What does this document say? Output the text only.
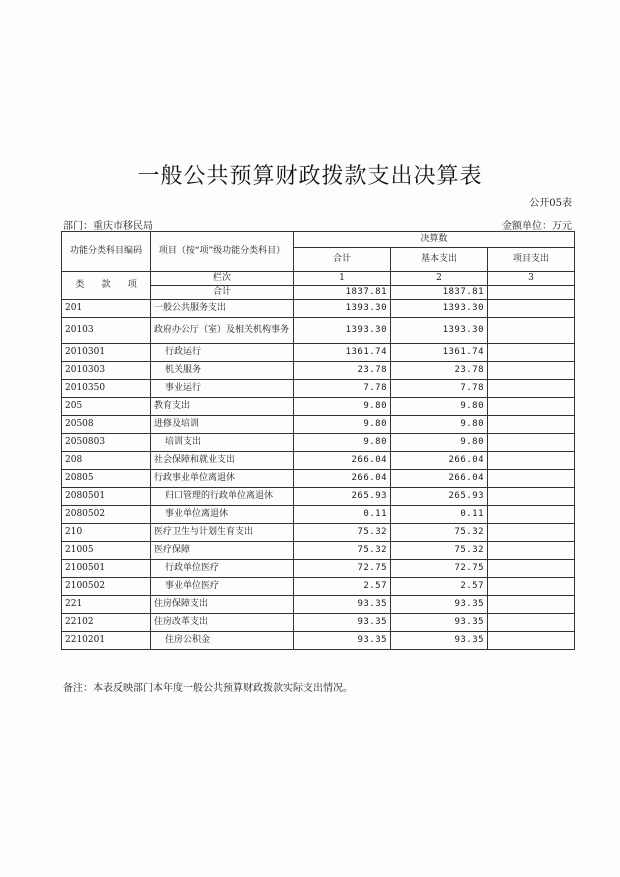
一般公共预算财政拨款支出决算表
公开05表
部门：重庆市移民局	金额单位：万元
功能分类科目编码	项目（按“项”级功能分类科目）	决算数		
		合计	基本支出	项目支出
类 款 项	栏次	1	2	3
	合计	1837.81	1837.81	
201	一般公共服务支出	1393.30	1393.30	
20103	政府办公厅（室）及相关机构事务	1393.30	1393.30	
2010301	行政运行	1361.74	1361.74	
2010303	机关服务	23.78	23.78	
2010350	事业运行	7.78	7.78	
205	教育支出	9.80	9.80	
20508	进修及培训	9.80	9.80	
2050803	培训支出	9.80	9.80	
208	社会保障和就业支出	266.04	266.04	
20805	行政事业单位离退休	266.04	266.04	
2080501	归口管理的行政单位离退休	265.93	265.93	
2080502	事业单位离退休	0.11	0.11	
210	医疗卫生与计划生育支出	75.32	75.32	
21005	医疗保障	75.32	75.32	
2100501	行政单位医疗	72.75	72.75	
2100502	事业单位医疗	2.57	2.57	
221	住房保障支出	93.35	93.35	
22102	住房改革支出	93.35	93.35	
2210201	住房公积金	93.35	93.35	
备注：本表反映部门本年度一般公共预算财政拨款实际支出情况。
